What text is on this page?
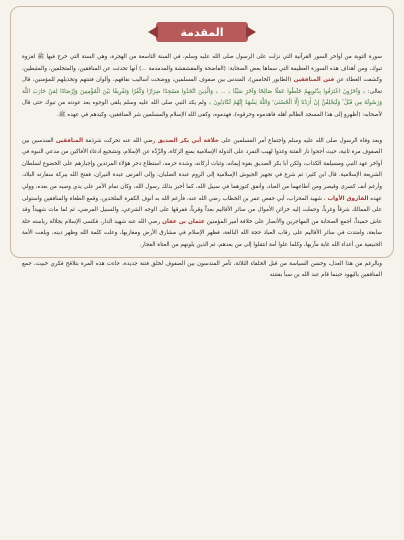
المقدمة

سورة التوبة من أواخر السور القرآنية التي نزلت على الرسول صلى الله عليه وسلم، في السنة التاسعة من الهجرة، وهي السنة التي خرج فيها ﷺ لغزوة تبوك، ومن أهداف هذه السورة العظيمة التي سماها بعض الصحابة: (الفاضحة والمقشقشة والمدمدمة ...) أنها تحدثت عن المنافقين، والمتخلفين، والمثبطين، وكشفت الغطاء عن فتن المنافقين (الطابور الخامس)، المندس بين صفوف المسلمين، ووضحت أساليب نفاقهم، وألوان فتنتهم وتخذيلهم للمؤمنين، قال تعالى: ﴿ وَآخَرُونَ اعْتَرَفُوا بِذُنُوبِهِمْ خَلَطُوا عَمَلًا صَالِحًا وَآخَرَ سَيِّئًا ﴾ ... ﴿ وَالَّذِينَ اتَّخَذُوا مَسْجِدًا ضِرَارًا وَكُفْرًا وَتَفْرِيقًا بَيْنَ الْمُؤْمِنِينَ وَإِرْصَادًا لِمَنْ حَارَبَ اللَّهَ وَرَسُولَهُ مِن قَبْلُ ۚ وَلَيَحْلِفُنَّ إِنْ أَرَدْنَا إِلَّا الْحُسْنَىٰ ۖ وَاللَّهُ يَشْهَدُ إِنَّهُمْ لَكَاذِبُونَ ﴾ ولم يكد النبي صلى الله عليه وسلم يلقى الوجوه بعد عودته من تبوك حتى قال لأصحابه: (أظهرو إلى هذا المسجد الظالم أهله فاهدموه وحرقوه)، فهدموه، وكفى الله الإسلام والمسلمين شر المنافقين، وكيدهم في عهده ﷺ.

وبعد وفاة الرسول صلى الله عليه وسلم واجتماع أمر المسلمين على خلافة أبي بكر الصديق رضي الله عنه تحركت شرذمة المنافقين المندسين بين الصفوف مرة ثانية، حيث أججوا نار الفتنة وغذوا لهيب التمرد على الدولة الإسلامية بمنع الزكاة، والرِّدَّة عن الإسلام، وتشجيع ادعاء الأفاكين من مدعي النبوة في أواخر عهد النبي ومسيلمة الكذاب، ولكن أبا بكر الصديق بقوة إيمانه، وثبات أركانه، وشدة حزمه، استطاع دحر هؤلاء المرتدين وإجبارهم على الخضوع لسلطان الشريعة الإسلامية. قال ابن كثير: ثم شرع في تجهيز الجيوش الإسلامية إلى الروم عبدة الصلبان، وإلى الفرس عبدة النيران، ففتح الله ببركة سفارته البلاد، وأرغم أنف كسرى وقيصر ومن أطاعهما من العباد، وأنفق كنوزهما في سبيل الله، كما أخبر بذلك رسول الله، وكان تمام الأمر على يدي وصيه من بعده، وولي عهده الفاروق الأواب ، شهيد المحراب، أبي حفص عمر بن الخطاب رضي الله عنه، فأرغم الله به أنوف الكفرة الملحدين، وقمع الطغاة والمنافقين واستولى على الممالك شرقاً وغرباً، وحملت إليه خزائن الأموال من سائر الأقاليم بعداً وقرباً، ففرقها على الوجه الشرعي، والسبيل المرضي، ثم لما مات شهيداً وقد عاش حميداً، أجمع الصحابة من المهاجرين والأنصار على خلافة أمير المؤمنين عثمان بن عفان رضي الله عنه شهيد الدار، فكسى الإسلام بجلالة رياسته حلة سابغة، وامتدت في سائر الأقاليم على رقاب العباد حجة الله البالغة، فظهر الإسلام في مشارق الأرض ومغاربها، وعلت كلمة الله وظهر دينه، وبلغت الأمة الحنيفية من أعداء الله غاية مآربها، وكلما علوا أمة انتقلوا إلى من بعدهم، ثم الذين يلونهم من العتاة الفجار.

وبالرغم من هذا العدل، وحسن السياسة من قبل الخلفاء الثلاثة، تآمر المندسون بين الصفوف لخلق فتنة جديدة، جاءت هذه المرة بتلاقح فكري خبيث، جمع المنافقين باليهود حينما قام عبد الله بن سبأ بفتنته
